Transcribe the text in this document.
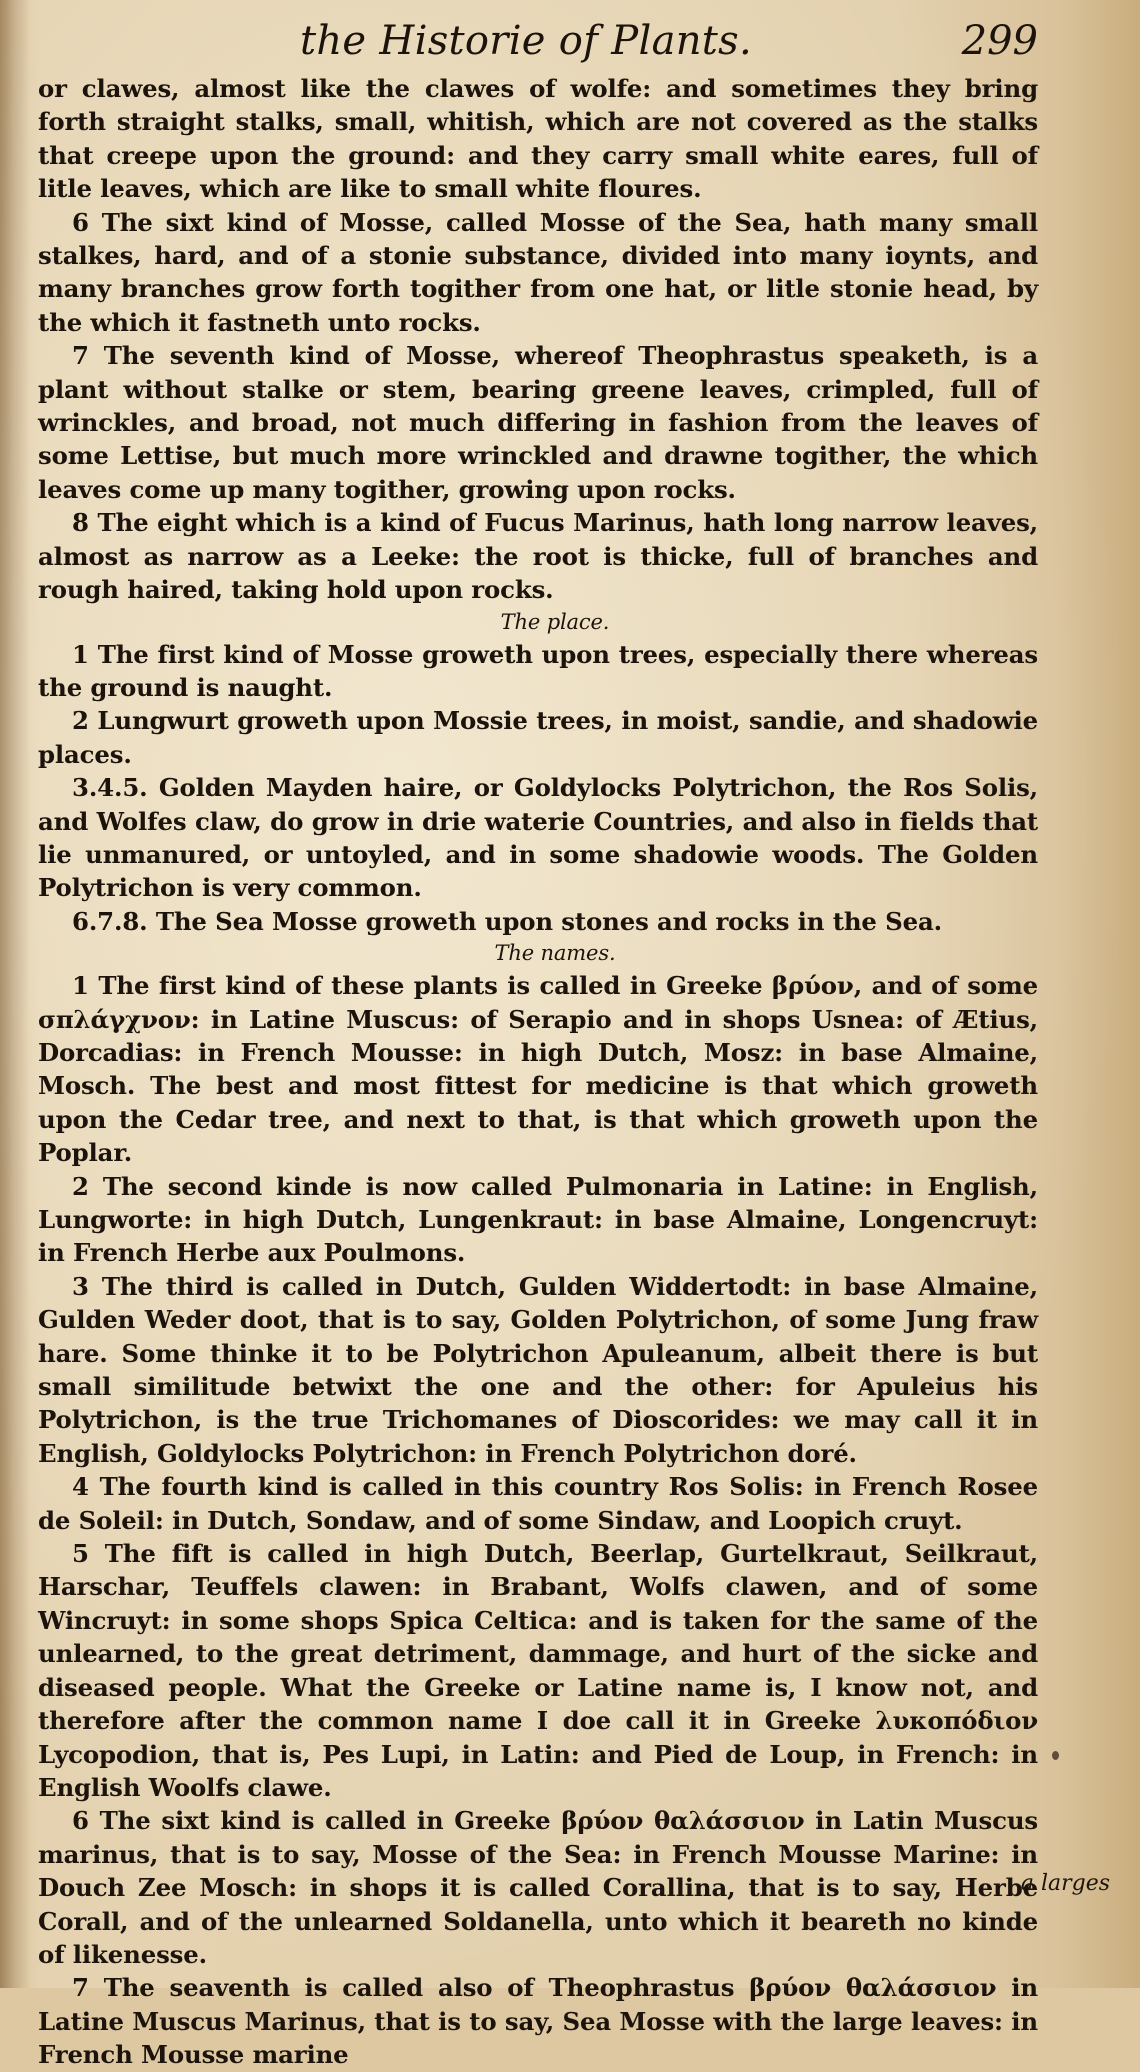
the Historie of Plants.	299

or clawes, almost like the clawes of wolfe: and sometimes they bring forth straight stalks, small, whitish, which are not covered as the stalks that creepe upon the ground: and they carry small white eares, full of litle leaves, which are like to small white floures.

6 The sixt kind of Mosse, called Mosse of the Sea, hath many small stalkes, hard, and of a stonie substance, divided into many ioynts, and many branches grow forth togither from one hat, or litle stonie head, by the which it fastneth unto rocks.

7 The seventh kind of Mosse, whereof Theophrastus speaketh, is a plant without stalke or stem, bearing greene leaves, crimpled, full of wrinckles, and broad, not much differing in fashion from the leaves of some Lettise, but much more wrinckled and drawne togither, the which leaves come up many togither, growing upon rocks.

8 The eight which is a kind of Fucus Marinus, hath long narrow leaves, almost as narrow as a Leeke: the root is thicke, full of branches and rough haired, taking hold upon rocks.

The place.

1 The first kind of Mosse groweth upon trees, especially there whereas the ground is naught.

2 Lungwurt groweth upon Mossie trees, in moist, sandie, and shadowie places.

3.4.5. Golden Mayden haire, or Goldylocks Polytrichon, the Ros Solis, and Wolfes claw, do grow in drie waterie Countries, and also in fields that lie unmanured, or untoyled, and in some shadowie woods. The Golden Polytrichon is very common.

6.7.8. The Sea Mosse groweth upon stones and rocks in the Sea.

The names.

1 The first kind of these plants is called in Greeke βρύον, and of some σπλάγχνον: in Latine Muscus: of Serapio and in shops Usnea: of Ætius, Dorcadias: in French Mousse: in high Dutch, Mosz: in base Almaine, Mosch. The best and most fittest for medicine is that which groweth upon the Cedar tree, and next to that, is that which groweth upon the Poplar.

2 The second kinde is now called Pulmonaria in Latine: in English, Lungworte: in high Dutch, Lungenkraut: in base Almaine, Longencruyt: in French Herbe aux Poulmons.

3 The third is called in Dutch, Gulden Widdertodt: in base Almaine, Gulden Weder doot, that is to say, Golden Polytrichon, of some Jung fraw hare. Some thinke it to be Polytrichon Apuleanum, albeit there is but small similitude betwixt the one and the other: for Apuleius his Polytrichon, is the true Trichomanes of Dioscorides: we may call it in English, Goldylocks Polytrichon: in French Polytrichon doré.

4 The fourth kind is called in this country Ros Solis: in French Rosee de Soleil: in Dutch, Sondaw, and of some Sindaw, and Loopich cruyt.

5 The fift is called in high Dutch, Beerlap, Gurtelkraut, Seilkraut, Harschar, Teuffels clawen: in Brabant, Wolfs clawen, and of some Wincruyt: in some shops Spica Celtica: and is taken for the same of the unlearned, to the great detriment, dammage, and hurt of the sicke and diseased people. What the Greeke or Latine name is, I know not, and therefore after the common name I doe call it in Greeke λυκοπόδιον Lycopodion, that is, Pes Lupi, in Latin: and Pied de Loup, in French: in English Woolfs clawe.

6 The sixt kind is called in Greeke βρύον θαλάσσιον in Latin Muscus marinus, that is to say, Mosse of the Sea: in French Mousse Marine: in Douch Zee Mosch: in shops it is called Corallina, that is to say, Herbe Corall, and of the unlearned Soldanella, unto which it beareth no kinde of likenesse.

7 The seaventh is called also of Theophrastus βρύον θαλάσσιον in Latine Muscus Marinus, that is to say, Sea Mosse with the large leaves: in French Mousse marine

a larges
